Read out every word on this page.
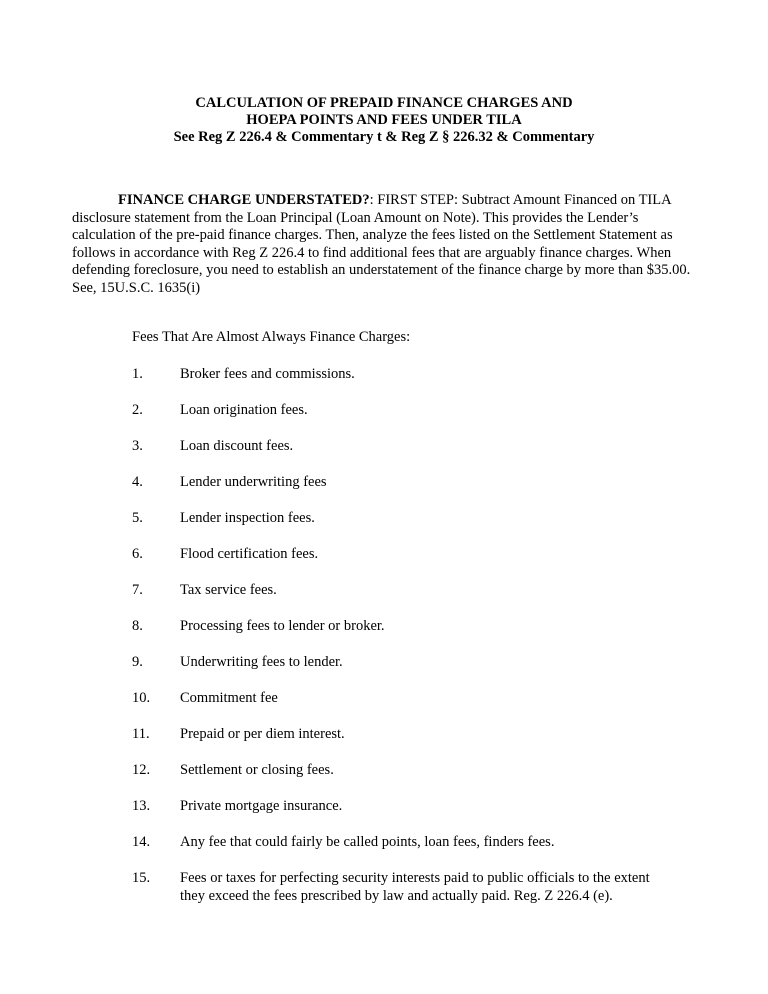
CALCULATION OF PREPAID FINANCE CHARGES AND
HOEPA POINTS AND FEES UNDER TILA
See Reg Z 226.4 & Commentary t & Reg Z § 226.32 & Commentary

FINANCE CHARGE UNDERSTATED?: FIRST STEP: Subtract Amount Financed on TILA disclosure statement from the Loan Principal (Loan Amount on Note). This provides the Lender’s calculation of the pre-paid finance charges. Then, analyze the fees listed on the Settlement Statement as follows in accordance with Reg Z 226.4 to find additional fees that are arguably finance charges. When defending foreclosure, you need to establish an understatement of the finance charge by more than $35.00. See, 15U.S.C. 1635(i)

Fees That Are Almost Always Finance Charges:

1.	Broker fees and commissions.
2.	Loan origination fees.
3.	Loan discount fees.
4.	Lender underwriting fees
5.	Lender inspection fees.
6.	Flood certification fees.
7.	Tax service fees.
8.	Processing fees to lender or broker.
9.	Underwriting fees to lender.
10.	Commitment fee
11.	Prepaid or per diem interest.
12.	Settlement or closing fees.
13.	Private mortgage insurance.
14.	Any fee that could fairly be called points, loan fees, finders fees.
15.	Fees or taxes for perfecting security interests paid to public officials to the extent they exceed the fees prescribed by law and actually paid. Reg. Z 226.4 (e).
